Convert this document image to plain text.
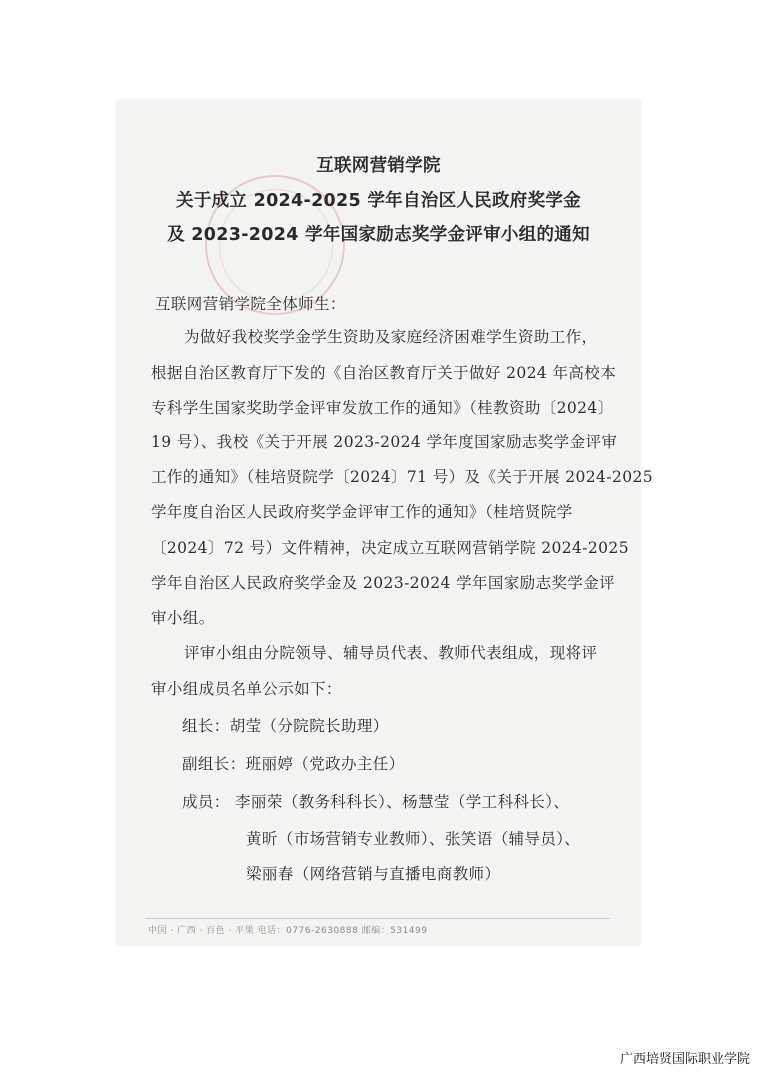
互联网营销学院
关于成立 2024-2025 学年自治区人民政府奖学金
及 2023-2024 学年国家励志奖学金评审小组的通知
互联网营销学院全体师生：
为做好我校奖学金学生资助及家庭经济困难学生资助工作，
根据自治区教育厅下发的《自治区教育厅关于做好 2024 年高校本
专科学生国家奖助学金评审发放工作的通知》（桂教资助〔2024〕
19 号）、我校《关于开展 2023-2024 学年度国家励志奖学金评审
工作的通知》（桂培贤院学〔2024〕71 号）及《关于开展 2024-2025
学年度自治区人民政府奖学金评审工作的通知》（桂培贤院学
〔2024〕72 号）文件精神，决定成立互联网营销学院 2024-2025
学年自治区人民政府奖学金及 2023-2024 学年国家励志奖学金评
审小组。
评审小组由分院领导、辅导员代表、教师代表组成，现将评
审小组成员名单公示如下：
组长：胡莹（分院院长助理）
副组长：班丽婷（党政办主任）
成员： 李丽荣（教务科科长）、杨慧莹（学工科科长）、
黄昕（市场营销专业教师）、张笑语（辅导员）、
梁丽春（网络营销与直播电商教师）
中国 · 广西 · 百色 · 平果 电话：0776-2630888 邮编：531499
广西培贤国际职业学院
